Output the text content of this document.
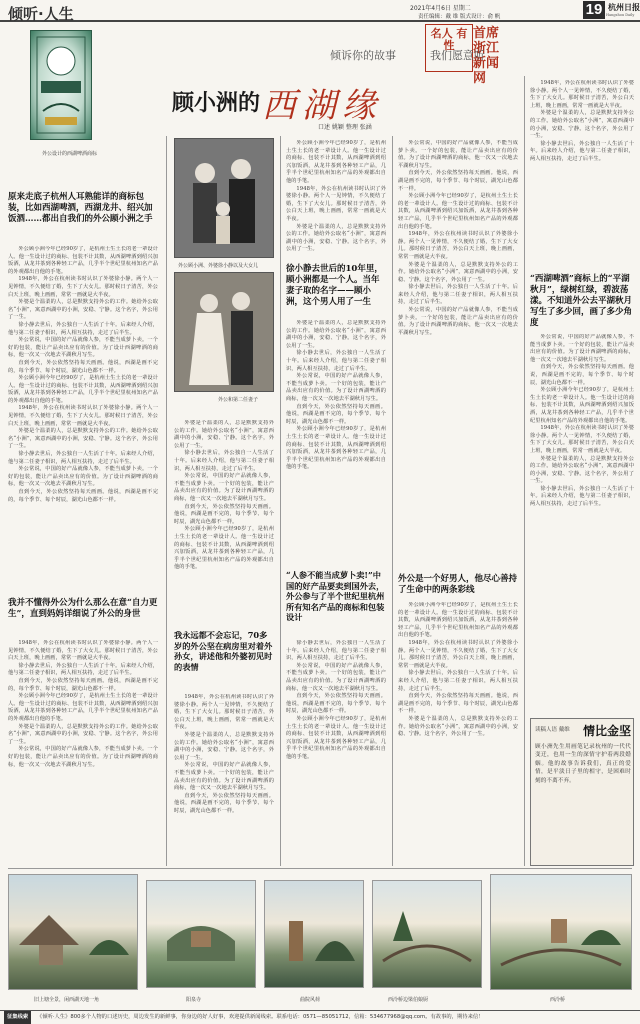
倾听·人生	2021年4月6日 星期二
责任编辑：戴 维 版式设计：俞 帆	19 杭州日报
Hangzhou Daily
名人 有性
首席 浙江 新闻 网
倾诉你的故事	我们愿意听
外公设计的西湖啤酒商标
顾小洲的 西湖缘
口述 姚颖 整理 张涵
原来走底子杭州人耳熟能详的商标包装，比如西湖啤酒，西湖龙井、绍兴加饭酒……都出自我们的外公顾小洲之手

外公顾小洲今年已经90岁了，是杭州土生土长的老一辈设计人。他一生设计过的商标、包装不计其数，从西湖啤酒到绍兴加饭酒，从龙井茶到各种轻工产品，几乎半个世纪里杭州知名产品的外观都出自他的手笔。

1948年，外公在杭州读书时认识了外婆徐小静。两个人一见钟情，不久便结了婚，生下了大女儿。那时候日子清苦，外公白天上班，晚上画画，常常一画就是大半夜。

外婆是个温柔的人，总是默默支持外公的工作。她给外公取名“小洲”，寓意西湖中的小洲，安稳、宁静。这个名字，外公用了一生。

徐小静去世后，外公独自一人生活了十年。后来经人介绍，他与第二任妻子相识，两人相互扶持，走过了后半生。

外公常说，中国的好产品就像人参，不能当成萝卜卖。一个好的包装，能让产品卖出应有的价值。为了设计西湖啤酒的商标，他一次又一次地去平湖秋月写生。

直到今天，外公依然坚持每天画画。他说，西湖是画不完的，每个季节、每个时辰，湖光山色都不一样。

外公顾小洲今年已经90岁了，是杭州土生土长的老一辈设计人。他一生设计过的商标、包装不计其数，从西湖啤酒到绍兴加饭酒，从龙井茶到各种轻工产品，几乎半个世纪里杭州知名产品的外观都出自他的手笔。

1948年，外公在杭州读书时认识了外婆徐小静。两个人一见钟情，不久便结了婚，生下了大女儿。那时候日子清苦，外公白天上班，晚上画画，常常一画就是大半夜。

外婆是个温柔的人，总是默默支持外公的工作。她给外公取名“小洲”，寓意西湖中的小洲，安稳、宁静。这个名字，外公用了一生。

徐小静去世后，外公独自一人生活了十年。后来经人介绍，他与第二任妻子相识，两人相互扶持，走过了后半生。

外公常说，中国的好产品就像人参，不能当成萝卜卖。一个好的包装，能让产品卖出应有的价值。为了设计西湖啤酒的商标，他一次又一次地去平湖秋月写生。

直到今天，外公依然坚持每天画画。他说，西湖是画不完的，每个季节、每个时辰，湖光山色都不一样。

我并不懂得外公为什么那么在意“自力更生”，直到妈妈详细说了外公的身世

1948年，外公在杭州读书时认识了外婆徐小静。两个人一见钟情，不久便结了婚，生下了大女儿。那时候日子清苦，外公白天上班，晚上画画，常常一画就是大半夜。

徐小静去世后，外公独自一人生活了十年。后来经人介绍，他与第二任妻子相识，两人相互扶持，走过了后半生。

直到今天，外公依然坚持每天画画。他说，西湖是画不完的，每个季节、每个时辰，湖光山色都不一样。

外公顾小洲今年已经90岁了，是杭州土生土长的老一辈设计人。他一生设计过的商标、包装不计其数，从西湖啤酒到绍兴加饭酒，从龙井茶到各种轻工产品，几乎半个世纪里杭州知名产品的外观都出自他的手笔。

外婆是个温柔的人，总是默默支持外公的工作。她给外公取名“小洲”，寓意西湖中的小洲，安稳、宁静。这个名字，外公用了一生。

外公常说，中国的好产品就像人参，不能当成萝卜卖。一个好的包装，能让产品卖出应有的价值。为了设计西湖啤酒的商标，他一次又一次地去平湖秋月写生。

外公顾小洲、外婆徐小静以及大女儿
外公和第二任妻子

外婆是个温柔的人，总是默默支持外公的工作。她给外公取名“小洲”，寓意西湖中的小洲，安稳、宁静。这个名字，外公用了一生。

徐小静去世后，外公独自一人生活了十年。后来经人介绍，他与第二任妻子相识，两人相互扶持，走过了后半生。

外公常说，中国的好产品就像人参，不能当成萝卜卖。一个好的包装，能让产品卖出应有的价值。为了设计西湖啤酒的商标，他一次又一次地去平湖秋月写生。

直到今天，外公依然坚持每天画画。他说，西湖是画不完的，每个季节、每个时辰，湖光山色都不一样。

外公顾小洲今年已经90岁了，是杭州土生土长的老一辈设计人。他一生设计过的商标、包装不计其数，从西湖啤酒到绍兴加饭酒，从龙井茶到各种轻工产品，几乎半个世纪里杭州知名产品的外观都出自他的手笔。

我永远都不会忘记，70多岁的外公坚在病房里对着外孙女，讲述他和外婆初见时的表情

1948年，外公在杭州读书时认识了外婆徐小静。两个人一见钟情，不久便结了婚，生下了大女儿。那时候日子清苦，外公白天上班，晚上画画，常常一画就是大半夜。

外婆是个温柔的人，总是默默支持外公的工作。她给外公取名“小洲”，寓意西湖中的小洲，安稳、宁静。这个名字，外公用了一生。

外公常说，中国的好产品就像人参，不能当成萝卜卖。一个好的包装，能让产品卖出应有的价值。为了设计西湖啤酒的商标，他一次又一次地去平湖秋月写生。

直到今天，外公依然坚持每天画画。他说，西湖是画不完的，每个季节、每个时辰，湖光山色都不一样。

外公顾小洲今年已经90岁了，是杭州土生土长的老一辈设计人。他一生设计过的商标、包装不计其数，从西湖啤酒到绍兴加饭酒，从龙井茶到各种轻工产品，几乎半个世纪里杭州知名产品的外观都出自他的手笔。

1948年，外公在杭州读书时认识了外婆徐小静。两个人一见钟情，不久便结了婚，生下了大女儿。那时候日子清苦，外公白天上班，晚上画画，常常一画就是大半夜。

外婆是个温柔的人，总是默默支持外公的工作。她给外公取名“小洲”，寓意西湖中的小洲，安稳、宁静。这个名字，外公用了一生。

徐小静去世后的10年里，顾小洲都是一个人。当年妻子取的名字——顾小洲，这个男人用了一生

外婆是个温柔的人，总是默默支持外公的工作。她给外公取名“小洲”，寓意西湖中的小洲，安稳、宁静。这个名字，外公用了一生。

徐小静去世后，外公独自一人生活了十年。后来经人介绍，他与第二任妻子相识，两人相互扶持，走过了后半生。

外公常说，中国的好产品就像人参，不能当成萝卜卖。一个好的包装，能让产品卖出应有的价值。为了设计西湖啤酒的商标，他一次又一次地去平湖秋月写生。

直到今天，外公依然坚持每天画画。他说，西湖是画不完的，每个季节、每个时辰，湖光山色都不一样。

外公顾小洲今年已经90岁了，是杭州土生土长的老一辈设计人。他一生设计过的商标、包装不计其数，从西湖啤酒到绍兴加饭酒，从龙井茶到各种轻工产品，几乎半个世纪里杭州知名产品的外观都出自他的手笔。

“人参不能当成萝卜卖!”中国的好产品要卖到国外去，外公参与了半个世纪里杭州所有知名产品的商标和包装设计

徐小静去世后，外公独自一人生活了十年。后来经人介绍，他与第二任妻子相识，两人相互扶持，走过了后半生。

外公常说，中国的好产品就像人参，不能当成萝卜卖。一个好的包装，能让产品卖出应有的价值。为了设计西湖啤酒的商标，他一次又一次地去平湖秋月写生。

直到今天，外公依然坚持每天画画。他说，西湖是画不完的，每个季节、每个时辰，湖光山色都不一样。

外公顾小洲今年已经90岁了，是杭州土生土长的老一辈设计人。他一生设计过的商标、包装不计其数，从西湖啤酒到绍兴加饭酒，从龙井茶到各种轻工产品，几乎半个世纪里杭州知名产品的外观都出自他的手笔。

外公常说，中国的好产品就像人参，不能当成萝卜卖。一个好的包装，能让产品卖出应有的价值。为了设计西湖啤酒的商标，他一次又一次地去平湖秋月写生。

直到今天，外公依然坚持每天画画。他说，西湖是画不完的，每个季节、每个时辰，湖光山色都不一样。

外公顾小洲今年已经90岁了，是杭州土生土长的老一辈设计人。他一生设计过的商标、包装不计其数，从西湖啤酒到绍兴加饭酒，从龙井茶到各种轻工产品，几乎半个世纪里杭州知名产品的外观都出自他的手笔。

1948年，外公在杭州读书时认识了外婆徐小静。两个人一见钟情，不久便结了婚，生下了大女儿。那时候日子清苦，外公白天上班，晚上画画，常常一画就是大半夜。

外婆是个温柔的人，总是默默支持外公的工作。她给外公取名“小洲”，寓意西湖中的小洲，安稳、宁静。这个名字，外公用了一生。

徐小静去世后，外公独自一人生活了十年。后来经人介绍，他与第二任妻子相识，两人相互扶持，走过了后半生。

外公常说，中国的好产品就像人参，不能当成萝卜卖。一个好的包装，能让产品卖出应有的价值。为了设计西湖啤酒的商标，他一次又一次地去平湖秋月写生。

外公是一个好男人，他尽心善持了生命中的两条彩线

外公顾小洲今年已经90岁了，是杭州土生土长的老一辈设计人。他一生设计过的商标、包装不计其数，从西湖啤酒到绍兴加饭酒，从龙井茶到各种轻工产品，几乎半个世纪里杭州知名产品的外观都出自他的手笔。

1948年，外公在杭州读书时认识了外婆徐小静。两个人一见钟情，不久便结了婚，生下了大女儿。那时候日子清苦，外公白天上班，晚上画画，常常一画就是大半夜。

徐小静去世后，外公独自一人生活了十年。后来经人介绍，他与第二任妻子相识，两人相互扶持，走过了后半生。

直到今天，外公依然坚持每天画画。他说，西湖是画不完的，每个季节、每个时辰，湖光山色都不一样。

外婆是个温柔的人，总是默默支持外公的工作。她给外公取名“小洲”，寓意西湖中的小洲，安稳、宁静。这个名字，外公用了一生。

1948年，外公在杭州读书时认识了外婆徐小静。两个人一见钟情，不久便结了婚，生下了大女儿。那时候日子清苦，外公白天上班，晚上画画，常常一画就是大半夜。

外婆是个温柔的人，总是默默支持外公的工作。她给外公取名“小洲”，寓意西湖中的小洲，安稳、宁静。这个名字，外公用了一生。

徐小静去世后，外公独自一人生活了十年。后来经人介绍，他与第二任妻子相识，两人相互扶持，走过了后半生。

“西湖啤酒”商标上的“平湖秋月”，绿树红绿，碧波荡漾。不知道外公去平湖秋月写生了多少回，画了多少角度

外公常说，中国的好产品就像人参，不能当成萝卜卖。一个好的包装，能让产品卖出应有的价值。为了设计西湖啤酒的商标，他一次又一次地去平湖秋月写生。

直到今天，外公依然坚持每天画画。他说，西湖是画不完的，每个季节、每个时辰，湖光山色都不一样。

外公顾小洲今年已经90岁了，是杭州土生土长的老一辈设计人。他一生设计过的商标、包装不计其数，从西湖啤酒到绍兴加饭酒，从龙井茶到各种轻工产品，几乎半个世纪里杭州知名产品的外观都出自他的手笔。

1948年，外公在杭州读书时认识了外婆徐小静。两个人一见钟情，不久便结了婚，生下了大女儿。那时候日子清苦，外公白天上班，晚上画画，常常一画就是大半夜。

外婆是个温柔的人，总是默默支持外公的工作。她给外公取名“小洲”，寓意西湖中的小洲，安稳、宁静。这个名字，外公用了一生。

徐小静去世后，外公独自一人生活了十年。后来经人介绍，他与第二任妻子相识，两人相互扶持，走过了后半生。

读稿人语 戴维 情比金坚
顾小洲先生用画笔记录杭州的一代代变迁，也用一生的深情守护着两段婚姻。他的故事告诉我们，真正的爱情，是平淡日子里的相守，是困难时刻的不离不弃。
旧上塘全景，闲西湖天地一角	阳泉寺	曲院风荷	西泠桥边梁伯娘厨	西泠桥
征集线索 《倾听·人生》800多个人物的口述历史，周边发生的新鲜事，你身边的好人好事，欢迎提供新闻线索。联系电话：0571—85051712，信箱：534677968@qq.com。有故事的，期待来信！
